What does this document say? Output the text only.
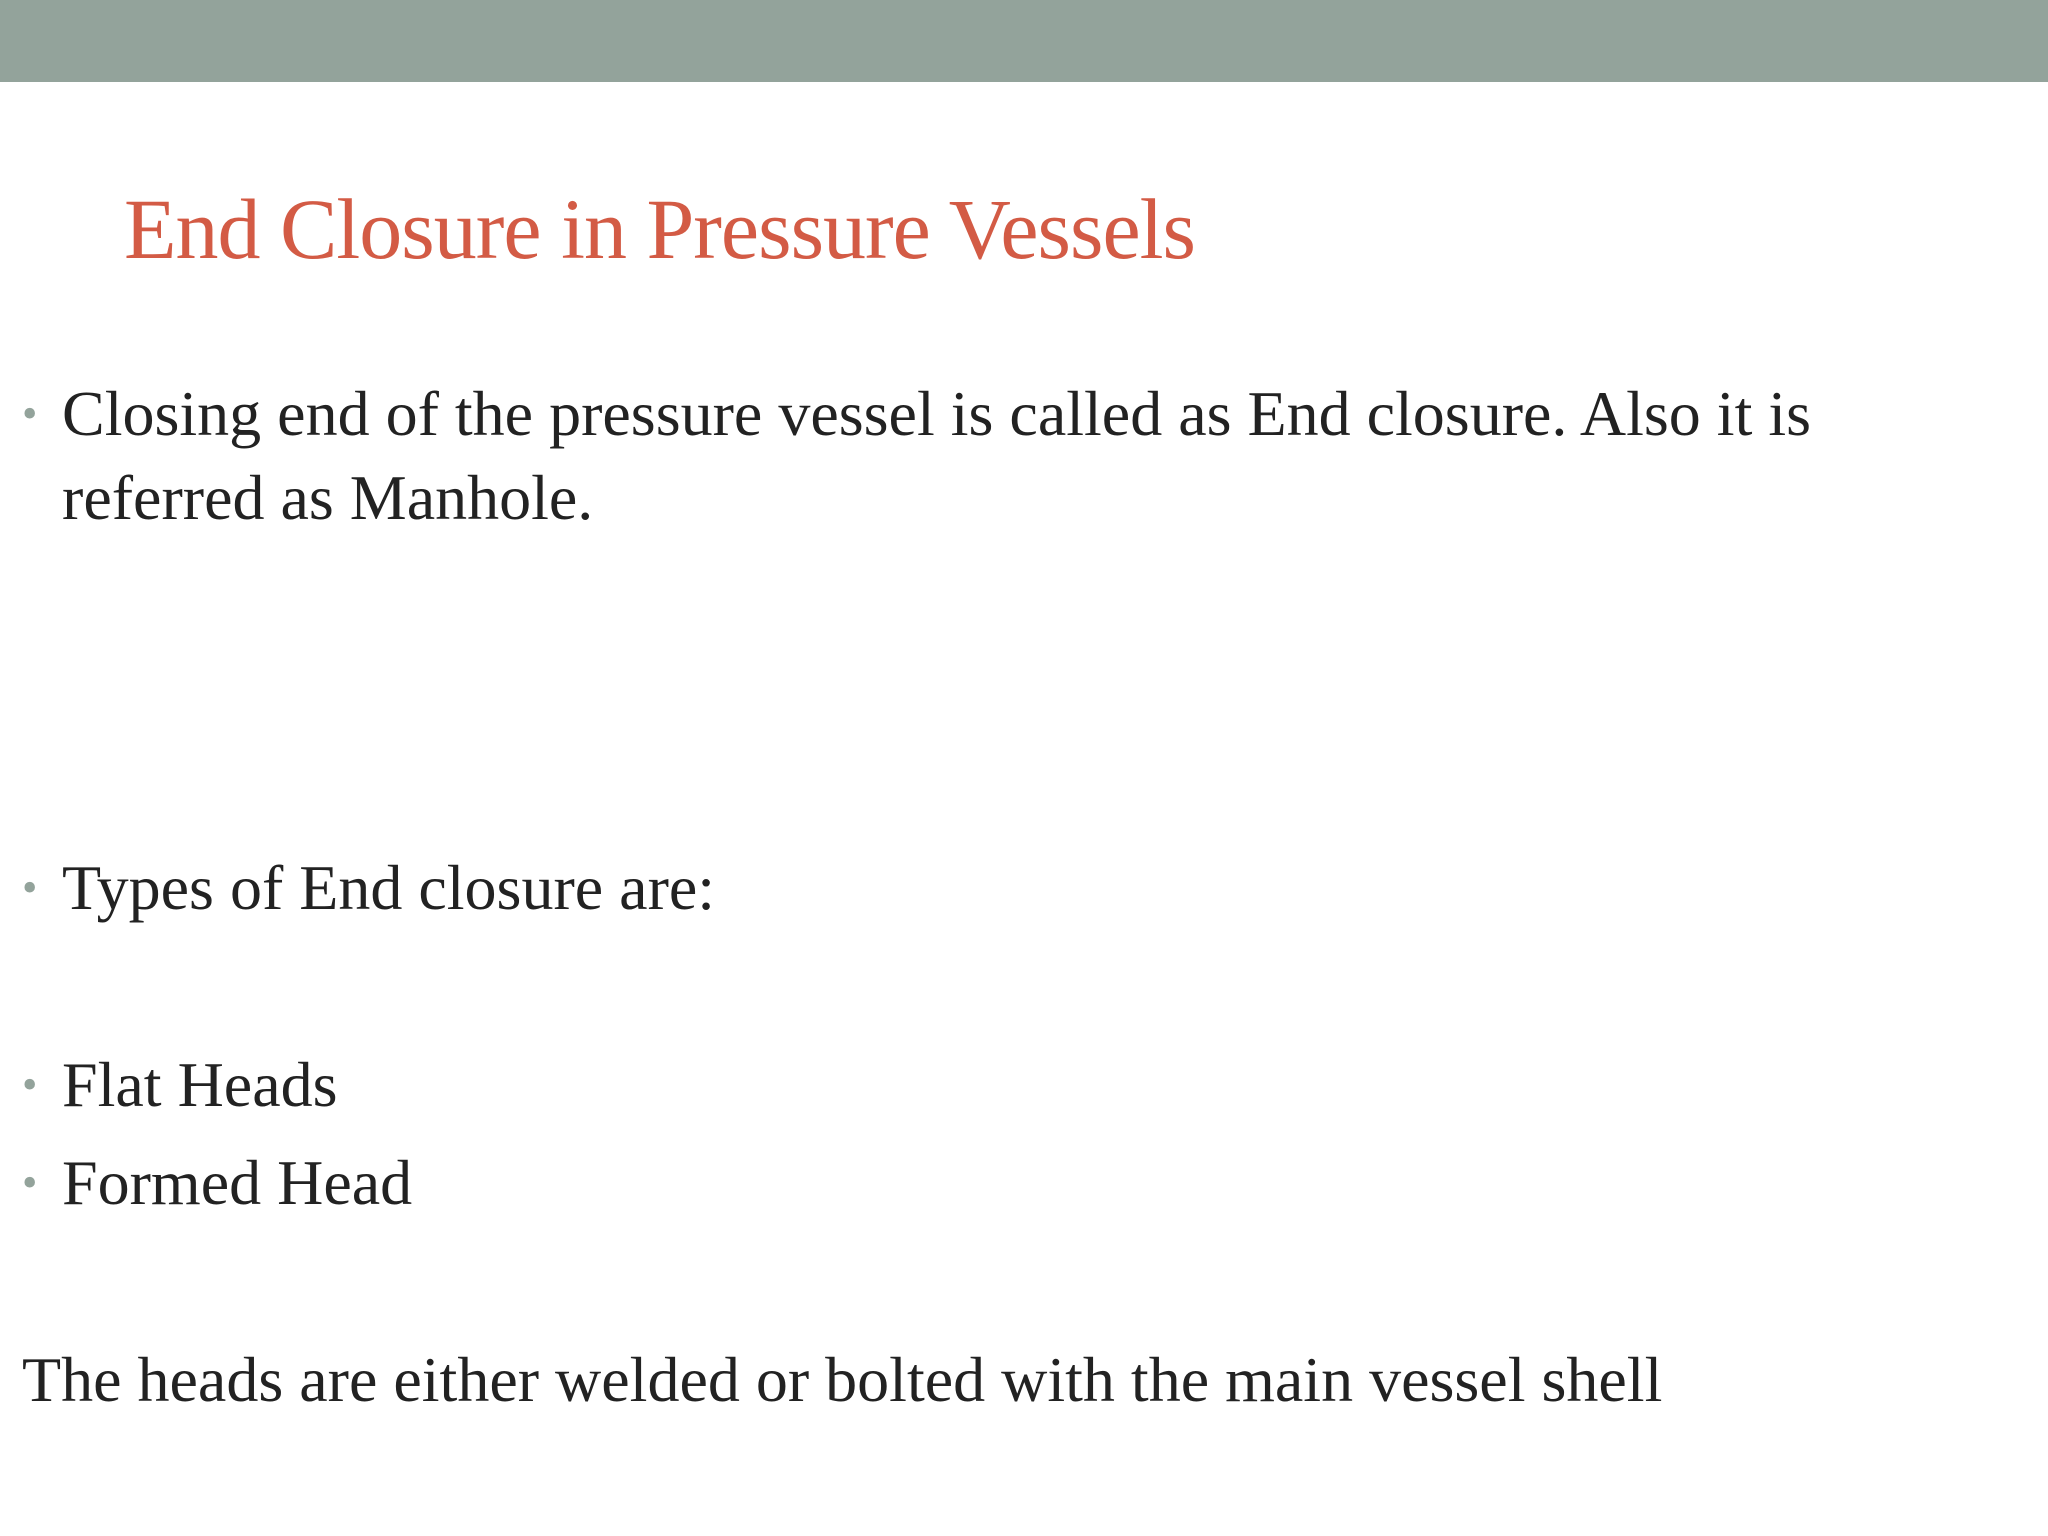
End Closure in Pressure Vessels
• Closing end of the pressure vessel is called as End closure. Also it is referred as Manhole.
• Types of End closure are:
• Flat Heads
• Formed Head

The heads are either welded or bolted with the main vessel shell
